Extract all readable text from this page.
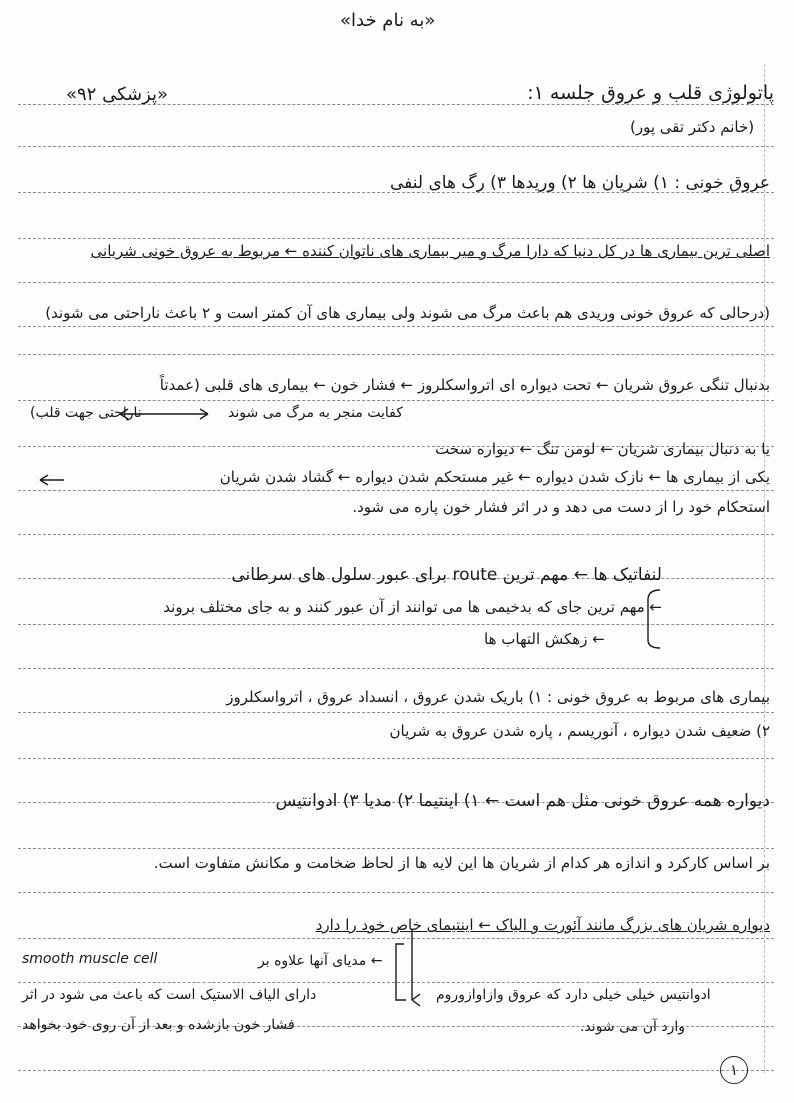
«به نام خدا»
«پزشکی ۹۲»	پاتولوژی قلب و عروق جلسه ۱:
(خانم دکتر تقی پور)
عروق خونی : ۱) شریان ها ۲) وریدها ۳) رگ های لنفی
اصلی ترین بیماری ها در کل دنیا که دارا مرگ و میر بیماری های ناتوان کننده ← مربوط به عروق خونی شریانی
(درحالی که عروق خونی وریدی هم باعث مرگ می شوند ولی بیماری های آن کمتر است و ۲ باعث ناراحتی می شوند)
بدنبال تنگی عروق شریان ← تحت دیواره ای اترواسکلروز ← فشار خون ← بیماری های قلبی (عمدتاً
ناراحتی جهت قلب)	کفایت منجر به مرگ می شوند
یا به دنبال بیماری شریان ← لومن تنگ ← دیواره سخت
یکی از بیماری ها ← نازک شدن دیواره ← غیر مستحکم شدن دیواره ← گشاد شدن شریان
استحکام خود را از دست می دهد و در اثر فشار خون پاره می شود.
لنفاتیک ها ← مهم ترین route برای عبور سلول های سرطانی
← مهم ترین جای که بدخیمی ها می توانند از آن عبور کنند و به جای مختلف بروند
← زهکش التهاب ها
بیماری های مربوط به عروق خونی : ۱) باریک شدن عروق ، انسداد عروق ، اترواسکلروز
۲) ضعیف شدن دیواره ، آنوریسم ، پاره شدن عروق به شریان
دیواره همه عروق خونی مثل هم است ← ۱) اینتیما ۲) مدیا ۳) ادوانتیس
بر اساس کارکرد و اندازه هر کدام از شریان ها این لایه ها از لحاظ ضخامت و مکانش متفاوت است.
دیواره شریان های بزرگ مانند آئورت و الیاک ← اینتیمای خاص خود را دارد
← مدیای آنها علاوه بر
smooth muscle cell
دارای الیاف الاستیک است که باعث می شود در اثر
فشار خون بازشده و بعد از آن روی خود بخواهد
ادوانتیس خیلی خیلی دارد که عروق وازاوازوروم
وارد آن می شوند.
١
